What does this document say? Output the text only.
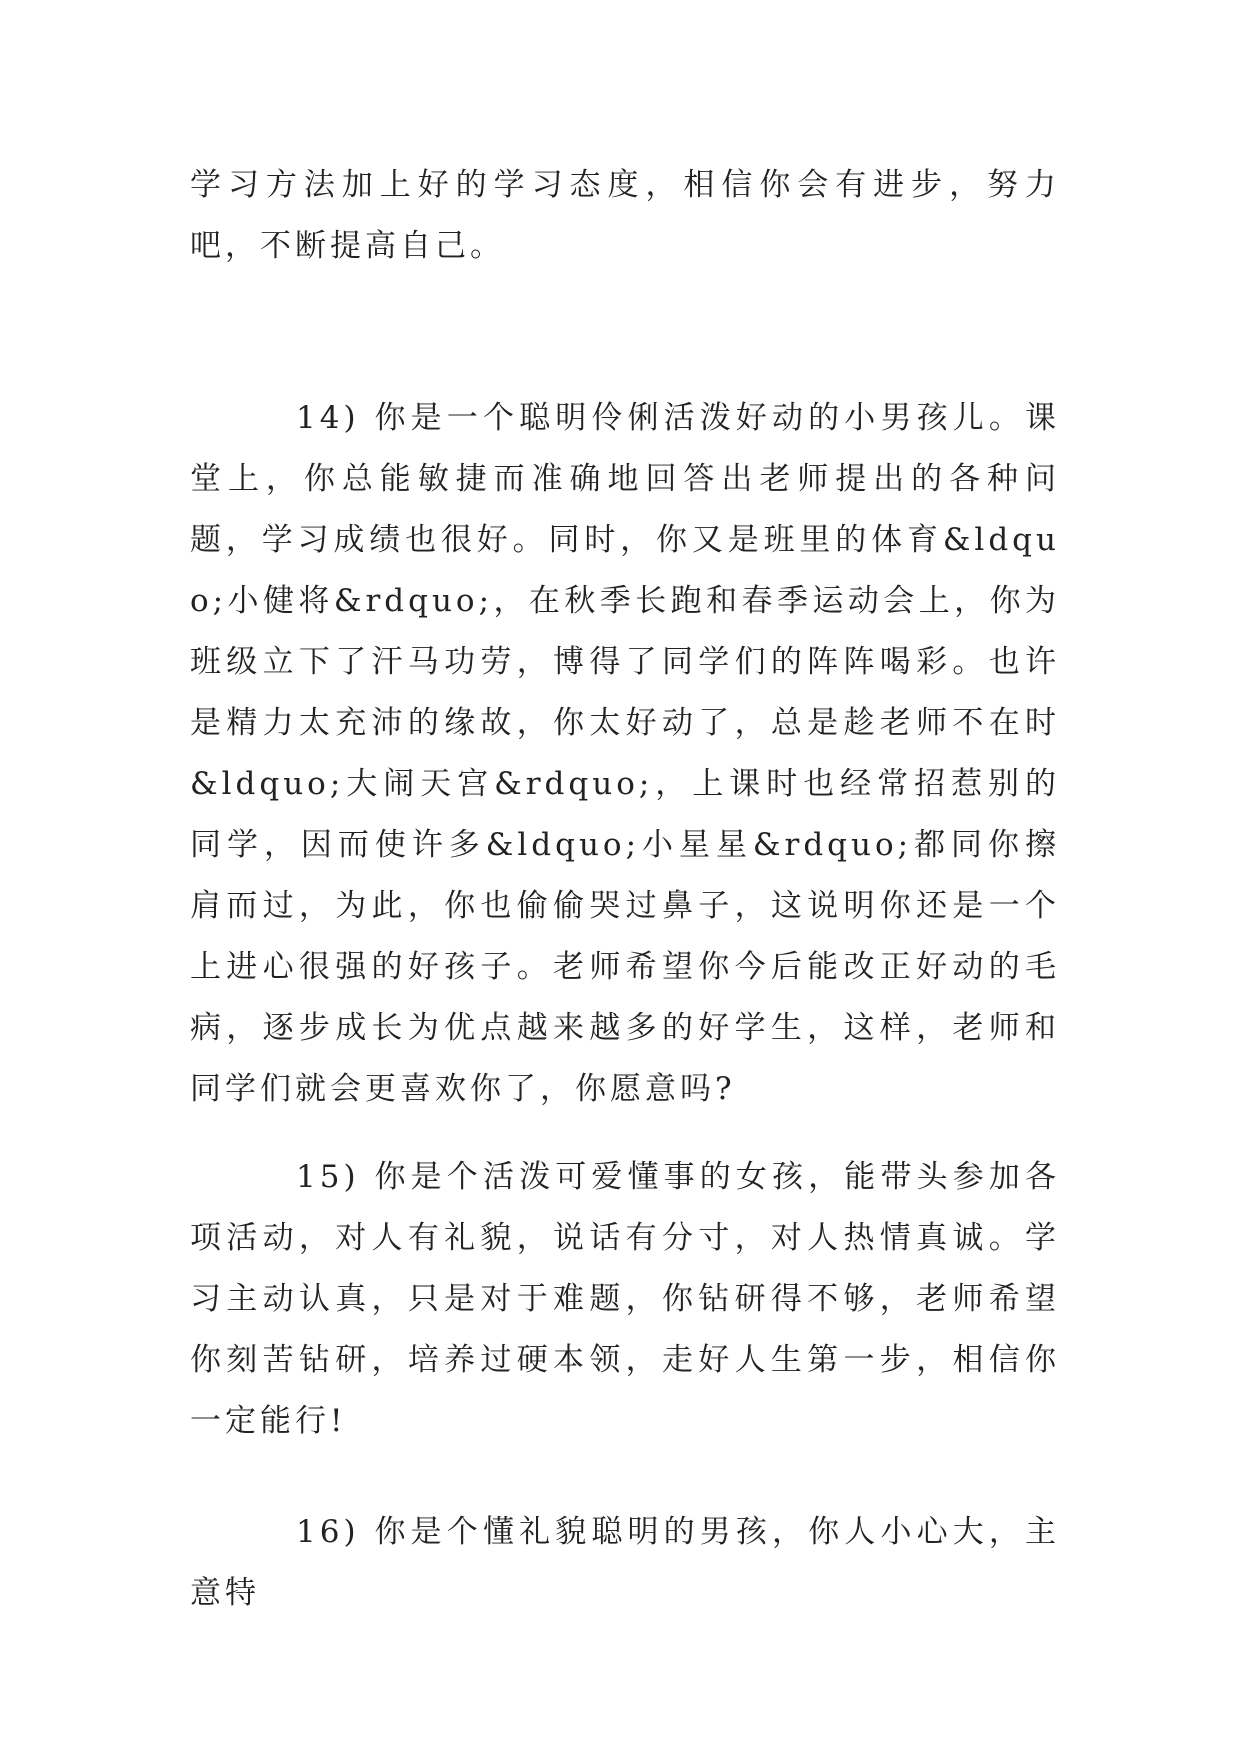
学习方法加上好的学习态度，相信你会有进步，努力吧，不断提高自己。

14) 你是一个聪明伶俐活泼好动的小男孩儿。课堂上，你总能敏捷而准确地回答出老师提出的各种问题，学习成绩也很好。同时，你又是班里的体育&ldquo;小健将&rdquo;，在秋季长跑和春季运动会上，你为班级立下了汗马功劳，博得了同学们的阵阵喝彩。也许是精力太充沛的缘故，你太好动了，总是趁老师不在时&ldquo;大闹天宫&rdquo;，上课时也经常招惹别的同学，因而使许多&ldquo;小星星&rdquo;都同你擦肩而过，为此，你也偷偷哭过鼻子，这说明你还是一个上进心很强的好孩子。老师希望你今后能改正好动的毛病，逐步成长为优点越来越多的好学生，这样，老师和同学们就会更喜欢你了，你愿意吗?

15) 你是个活泼可爱懂事的女孩，能带头参加各项活动，对人有礼貌，说话有分寸，对人热情真诚。学习主动认真，只是对于难题，你钻研得不够，老师希望你刻苦钻研，培养过硬本领，走好人生第一步，相信你一定能行!

16) 你是个懂礼貌聪明的男孩，你人小心大，主意特
